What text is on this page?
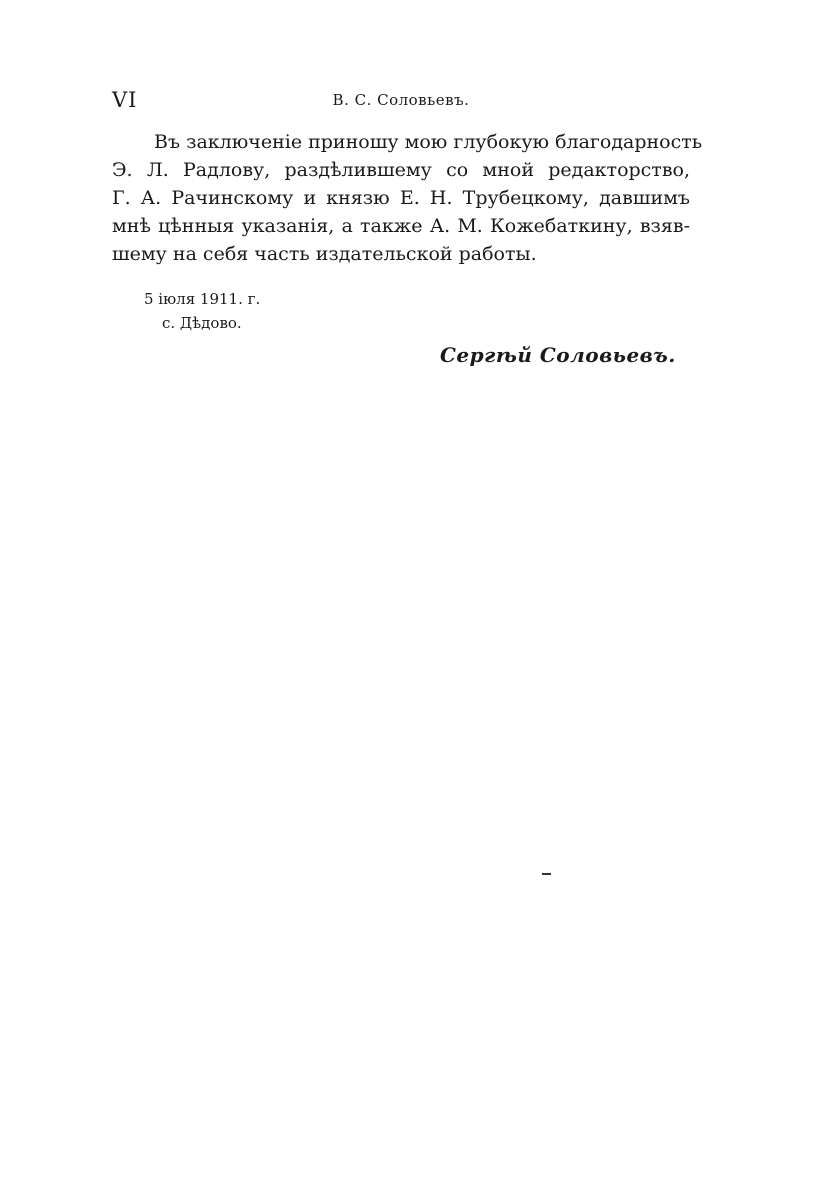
VI	В. С. Соловьевъ.

Въ заключеніе приношу мою глубокую благодарность
Э. Л. Радлову, раздѣлившему со мной редакторство,
Г. А. Рачинскому и князю Е. Н. Трубецкому, давшимъ
мнѣ цѣнныя указанія, а также А. М. Кожебаткину, взяв-
шему на себя часть издательской работы.

5 іюля 1911. г.
с. Дѣдово.
Сергѣй Соловьевъ.
